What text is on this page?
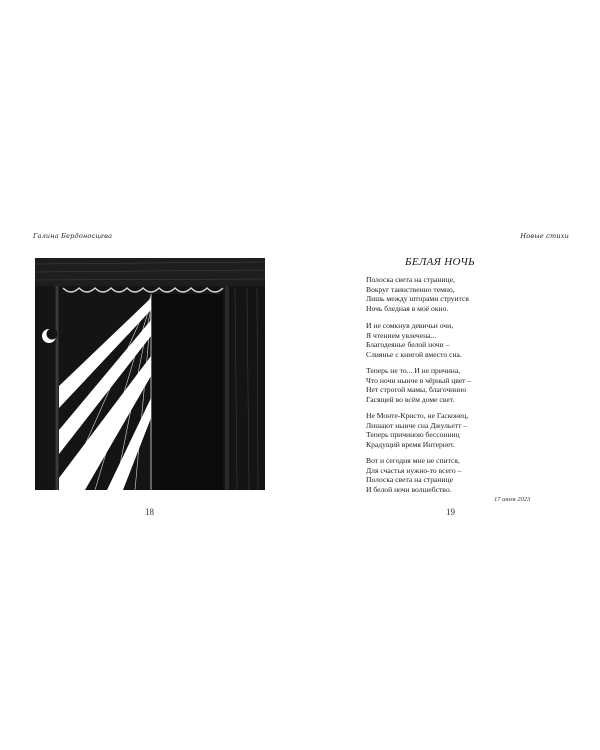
Галина Бердоносцева	Новые стихи
18	19
БЕЛАЯ НОЧЬ
Полоска света на странице,
Вокруг таинственно темно,
Лишь между шторами струится
Ночь бледная в моё окно.
И не сомкнув девичьи очи,
Я чтением увлечена...
Благодеянье белой ночи –
Слиянье с книгой вместо сна.
Теперь не то... И не причина,
Что ночи нынче в чёрный цвет –
Нет строгой мамы, благочинно
Гасящей во всём доме свет.
Не Монте-Кристо, не Гасконец,
Лишают нынче сна Джульетт –
Теперь причиною бессонниц
Крадущий время Интернет.
Вот и сегодня мне не спится,
Для счастья нужно-то всего –
Полоска света на странице
И белой ночи волшебство.
17 июля 2023
